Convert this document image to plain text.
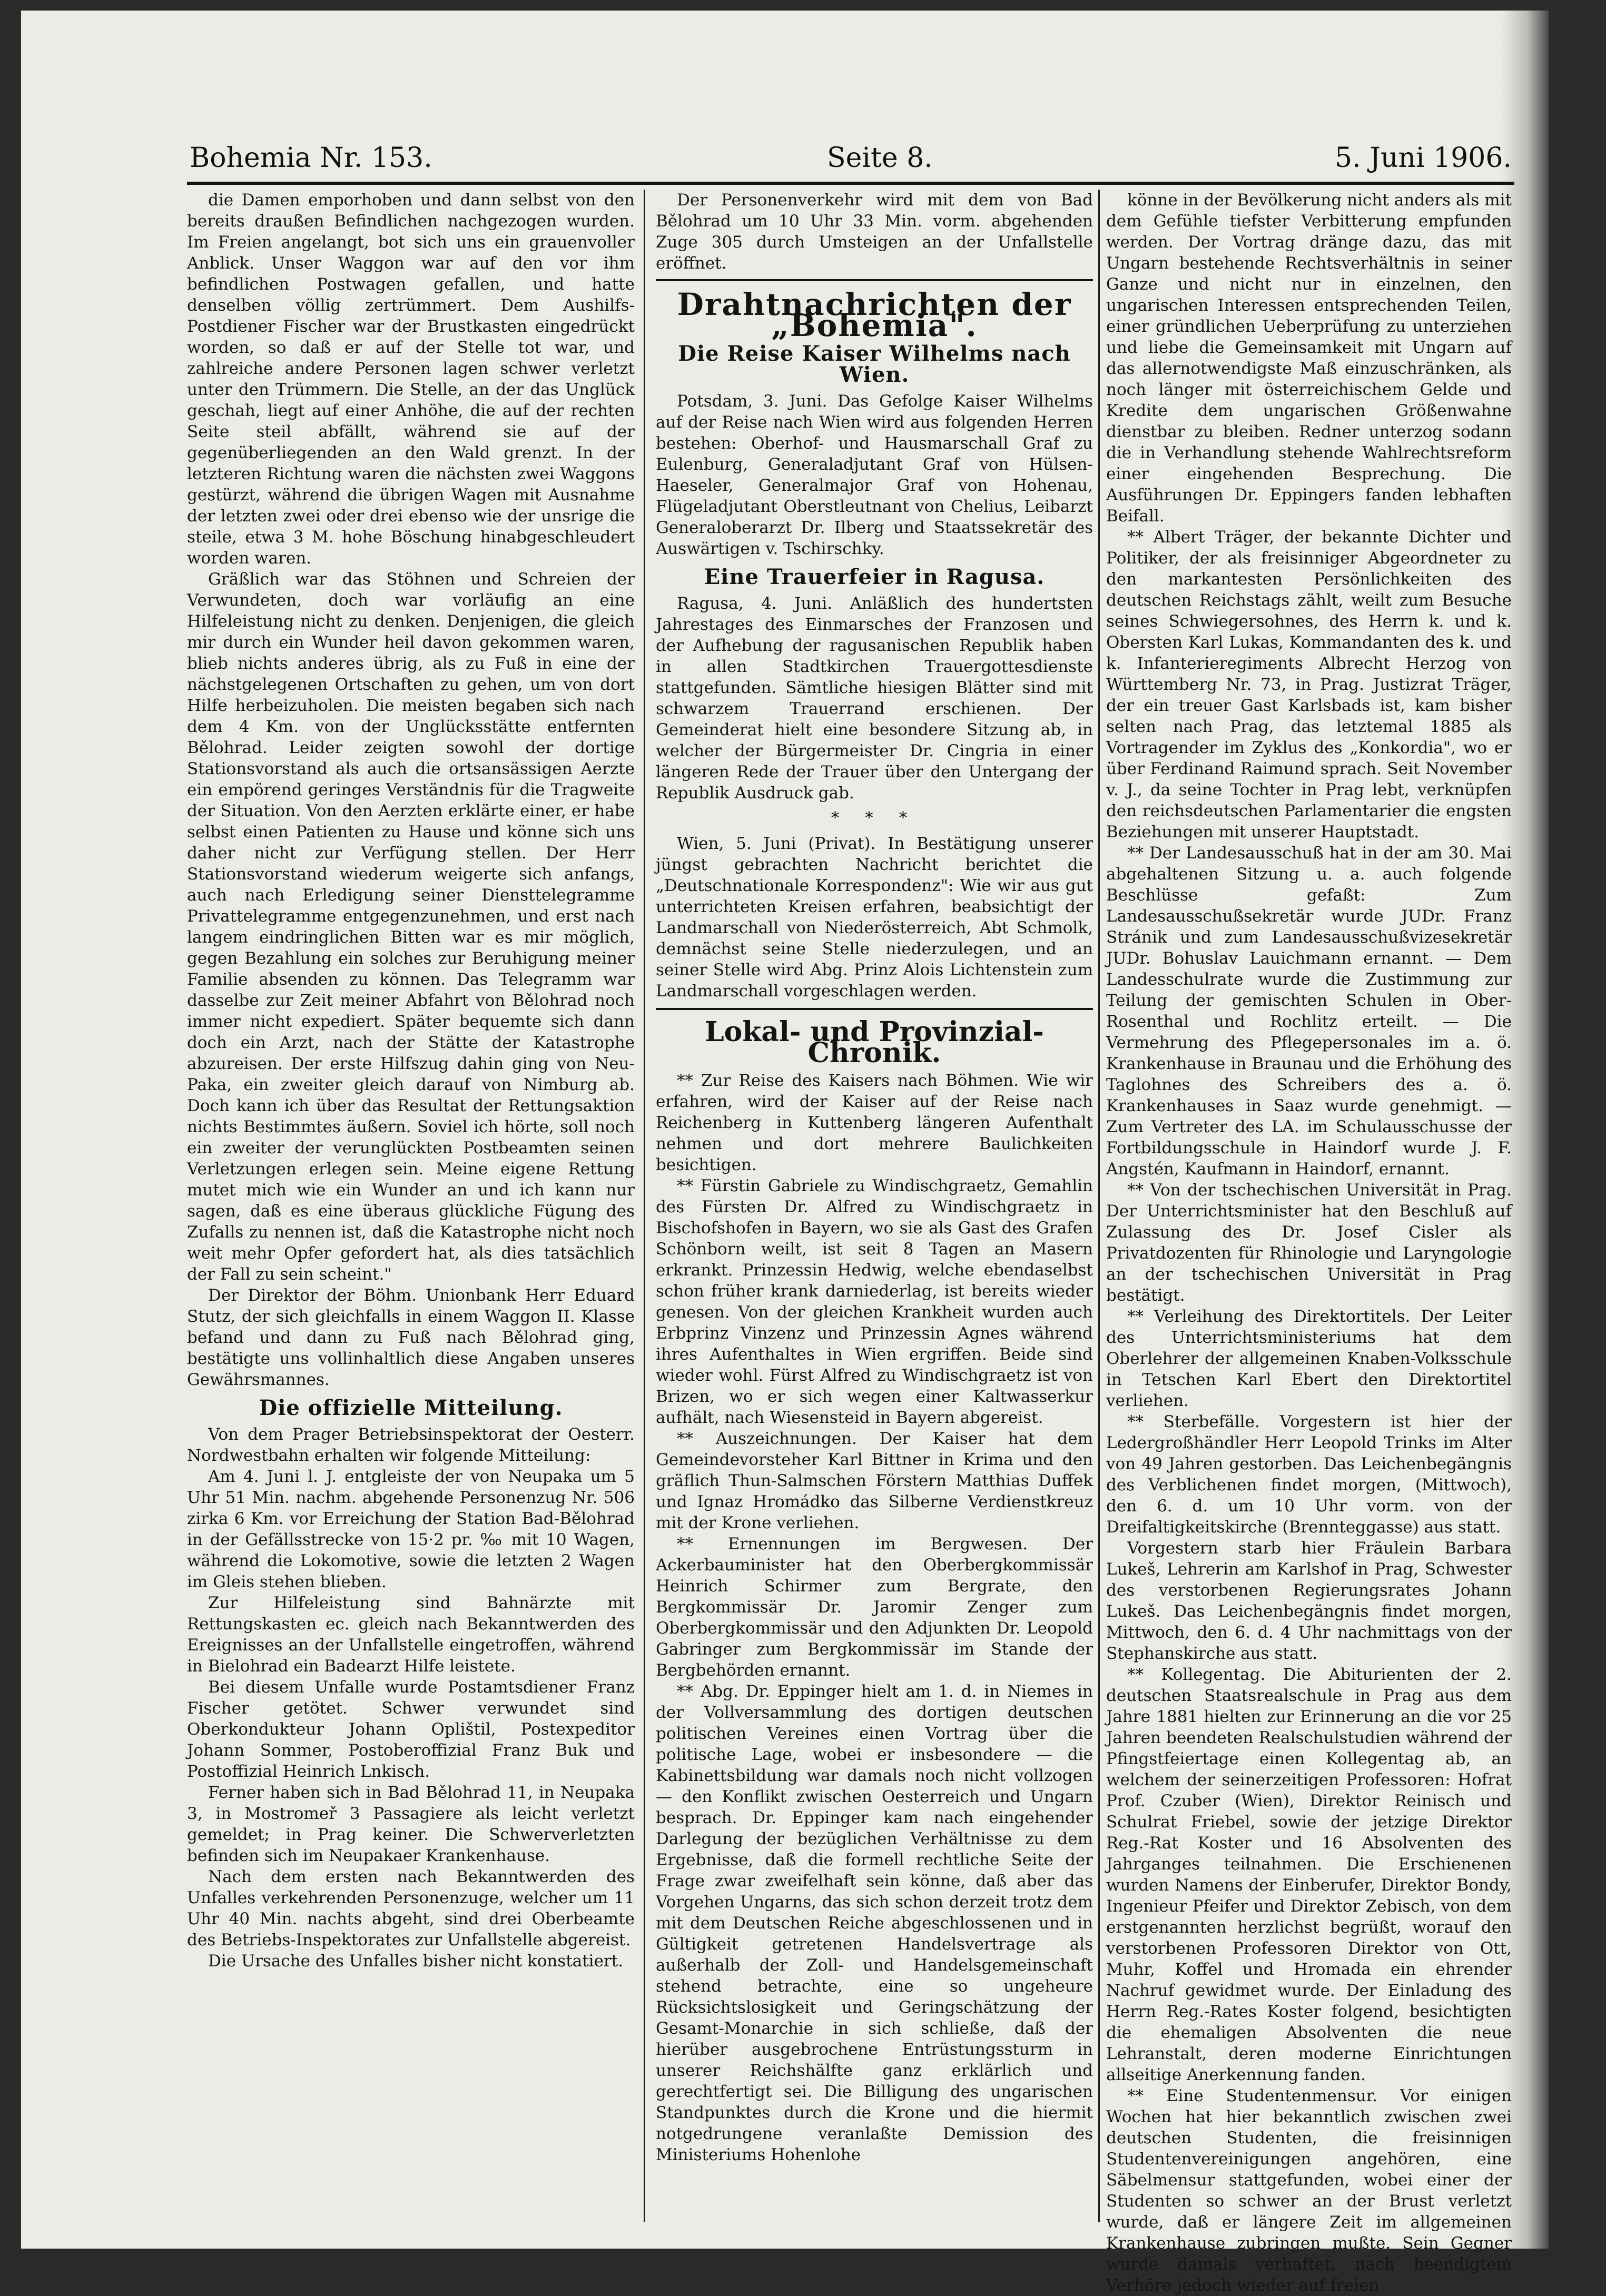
Bohemia Nr. 153.	Seite 8.	5. Juni 1906.

die Damen emporhoben und dann selbst von den bereits draußen Befindlichen nachgezogen wurden. Im Freien angelangt, bot sich uns ein grauenvoller Anblick. Unser Waggon war auf den vor ihm befindlichen Postwagen gefallen, und hatte denselben völlig zertrümmert. Dem Aushilfs-Postdiener Fischer war der Brustkasten eingedrückt worden, so daß er auf der Stelle tot war, und zahlreiche andere Personen lagen schwer verletzt unter den Trümmern. Die Stelle, an der das Unglück geschah, liegt auf einer Anhöhe, die auf der rechten Seite steil abfällt, während sie auf der gegenüberliegenden an den Wald grenzt. In der letzteren Richtung waren die nächsten zwei Waggons gestürzt, während die übrigen Wagen mit Ausnahme der letzten zwei oder drei ebenso wie der unsrige die steile, etwa 3 M. hohe Böschung hinabgeschleudert worden waren.

Gräßlich war das Stöhnen und Schreien der Verwundeten, doch war vorläufig an eine Hilfeleistung nicht zu denken. Denjenigen, die gleich mir durch ein Wunder heil davon gekommen waren, blieb nichts anderes übrig, als zu Fuß in eine der nächstgelegenen Ortschaften zu gehen, um von dort Hilfe herbeizuholen. Die meisten begaben sich nach dem 4 Km. von der Unglücksstätte entfernten Bělohrad. Leider zeigten sowohl der dortige Stationsvorstand als auch die ortsansässigen Aerzte ein empörend geringes Verständnis für die Tragweite der Situation. Von den Aerzten erklärte einer, er habe selbst einen Patienten zu Hause und könne sich uns daher nicht zur Verfügung stellen. Der Herr Stationsvorstand wiederum weigerte sich anfangs, auch nach Erledigung seiner Diensttelegramme Privattelegramme entgegenzunehmen, und erst nach langem eindringlichen Bitten war es mir möglich, gegen Bezahlung ein solches zur Beruhigung meiner Familie absenden zu können. Das Telegramm war dasselbe zur Zeit meiner Abfahrt von Bělohrad noch immer nicht expediert. Später bequemte sich dann doch ein Arzt, nach der Stätte der Katastrophe abzureisen. Der erste Hilfszug dahin ging von Neu-Paka, ein zweiter gleich darauf von Nimburg ab. Doch kann ich über das Resultat der Rettungsaktion nichts Bestimmtes äußern. Soviel ich hörte, soll noch ein zweiter der verunglückten Postbeamten seinen Verletzungen erlegen sein. Meine eigene Rettung mutet mich wie ein Wunder an und ich kann nur sagen, daß es eine überaus glückliche Fügung des Zufalls zu nennen ist, daß die Katastrophe nicht noch weit mehr Opfer gefordert hat, als dies tatsächlich der Fall zu sein scheint."

Der Direktor der Böhm. Unionbank Herr Eduard Stutz, der sich gleichfalls in einem Waggon II. Klasse befand und dann zu Fuß nach Bělohrad ging, bestätigte uns vollinhaltlich diese Angaben unseres Gewährsmannes.

Die offizielle Mitteilung.

Von dem Prager Betriebsinspektorat der Oesterr. Nordwestbahn erhalten wir folgende Mitteilung:

Am 4. Juni l. J. entgleiste der von Neupaka um 5 Uhr 51 Min. nachm. abgehende Personenzug Nr. 506 zirka 6 Km. vor Erreichung der Station Bad-Bělohrad in der Gefällsstrecke von 15·2 pr. ‰ mit 10 Wagen, während die Lokomotive, sowie die letzten 2 Wagen im Gleis stehen blieben.

Zur Hilfeleistung sind Bahnärzte mit Rettungskasten ec. gleich nach Bekanntwerden des Ereignisses an der Unfallstelle eingetroffen, während in Bielohrad ein Badearzt Hilfe leistete.

Bei diesem Unfalle wurde Postamtsdiener Franz Fischer getötet. Schwer verwundet sind Oberkondukteur Johann Oplištil, Postexpeditor Johann Sommer, Postoberoffizial Franz Buk und Postoffizial Heinrich Lnkisch.

Ferner haben sich in Bad Bělohrad 11, in Neupaka 3, in Mostromeř 3 Passagiere als leicht verletzt gemeldet; in Prag keiner. Die Schwerverletzten befinden sich im Neupakaer Krankenhause.

Nach dem ersten nach Bekanntwerden des Unfalles verkehrenden Personenzuge, welcher um 11 Uhr 40 Min. nachts abgeht, sind drei Oberbeamte des Betriebs-Inspektorates zur Unfallstelle abgereist.

Die Ursache des Unfalles bisher nicht konstatiert.

Der Personenverkehr wird mit dem von Bad Bělohrad um 10 Uhr 33 Min. vorm. abgehenden Zuge 305 durch Umsteigen an der Unfallstelle eröffnet.

Drahtnachrichten der „Bohemia".
Die Reise Kaiser Wilhelms nach Wien.

Potsdam, 3. Juni. Das Gefolge Kaiser Wilhelms auf der Reise nach Wien wird aus folgenden Herren bestehen: Oberhof- und Hausmarschall Graf zu Eulenburg, Generaladjutant Graf von Hülsen-Haeseler, Generalmajor Graf von Hohenau, Flügeladjutant Oberstleutnant von Chelius, Leibarzt Generaloberarzt Dr. Ilberg und Staatssekretär des Auswärtigen v. Tschirschky.

Eine Trauerfeier in Ragusa.

Ragusa, 4. Juni. Anläßlich des hundertsten Jahrestages des Einmarsches der Franzosen und der Aufhebung der ragusanischen Republik haben in allen Stadtkirchen Trauergottesdienste stattgefunden. Sämtliche hiesigen Blätter sind mit schwarzem Trauerrand erschienen. Der Gemeinderat hielt eine besondere Sitzung ab, in welcher der Bürgermeister Dr. Cingria in einer längeren Rede der Trauer über den Untergang der Republik Ausdruck gab.

* * *

Wien, 5. Juni (Privat). In Bestätigung unserer jüngst gebrachten Nachricht berichtet die „Deutschnationale Korrespondenz": Wie wir aus gut unterrichteten Kreisen erfahren, beabsichtigt der Landmarschall von Niederösterreich, Abt Schmolk, demnächst seine Stelle niederzulegen, und an seiner Stelle wird Abg. Prinz Alois Lichtenstein zum Landmarschall vorgeschlagen werden.

Lokal- und Provinzial-Chronik.

** Zur Reise des Kaisers nach Böhmen. Wie wir erfahren, wird der Kaiser auf der Reise nach Reichenberg in Kuttenberg längeren Aufenthalt nehmen und dort mehrere Baulichkeiten besichtigen.

** Fürstin Gabriele zu Windischgraetz, Gemahlin des Fürsten Dr. Alfred zu Windischgraetz in Bischofshofen in Bayern, wo sie als Gast des Grafen Schönborn weilt, ist seit 8 Tagen an Masern erkrankt. Prinzessin Hedwig, welche ebendaselbst schon früher krank darniederlag, ist bereits wieder genesen. Von der gleichen Krankheit wurden auch Erbprinz Vinzenz und Prinzessin Agnes während ihres Aufenthaltes in Wien ergriffen. Beide sind wieder wohl. Fürst Alfred zu Windischgraetz ist von Brizen, wo er sich wegen einer Kaltwasserkur aufhält, nach Wiesensteid in Bayern abgereist.

** Auszeichnungen. Der Kaiser hat dem Gemeindevorsteher Karl Bittner in Krima und den gräflich Thun-Salmschen Förstern Matthias Duffek und Ignaz Hromádko das Silberne Verdienstkreuz mit der Krone verliehen.

** Ernennungen im Bergwesen. Der Ackerbauminister hat den Oberbergkommissär Heinrich Schirmer zum Bergrate, den Bergkommissär Dr. Jaromir Zenger zum Oberbergkommissär und den Adjunkten Dr. Leopold Gabringer zum Bergkommissär im Stande der Bergbehörden ernannt.

** Abg. Dr. Eppinger hielt am 1. d. in Niemes in der Vollversammlung des dortigen deutschen politischen Vereines einen Vortrag über die politische Lage, wobei er insbesondere — die Kabinettsbildung war damals noch nicht vollzogen — den Konflikt zwischen Oesterreich und Ungarn besprach. Dr. Eppinger kam nach eingehender Darlegung der bezüglichen Verhältnisse zu dem Ergebnisse, daß die formell rechtliche Seite der Frage zwar zweifelhaft sein könne, daß aber das Vorgehen Ungarns, das sich schon derzeit trotz dem mit dem Deutschen Reiche abgeschlossenen und in Gültigkeit getretenen Handelsvertrage als außerhalb der Zoll- und Handelsgemeinschaft stehend betrachte, eine so ungeheure Rücksichtslosigkeit und Geringschätzung der Gesamt-Monarchie in sich schließe, daß der hierüber ausgebrochene Entrüstungssturm in unserer Reichshälfte ganz erklärlich und gerechtfertigt sei. Die Billigung des ungarischen Standpunktes durch die Krone und die hiermit notgedrungene veranlaßte Demission des Ministeriums Hohenlohe

könne in der Bevölkerung nicht anders als mit dem Gefühle tiefster Verbitterung empfunden werden. Der Vortrag dränge dazu, das mit Ungarn bestehende Rechtsverhältnis in seiner Ganze und nicht nur in einzelnen, den ungarischen Interessen entsprechenden Teilen, einer gründlichen Ueberprüfung zu unterziehen und liebe die Gemeinsamkeit mit Ungarn auf das allernotwendigste Maß einzuschränken, als noch länger mit österreichischem Gelde und Kredite dem ungarischen Größenwahne dienstbar zu bleiben. Redner unterzog sodann die in Verhandlung stehende Wahlrechtsreform einer eingehenden Besprechung. Die Ausführungen Dr. Eppingers fanden lebhaften Beifall.

** Albert Träger, der bekannte Dichter und Politiker, der als freisinniger Abgeordneter zu den markantesten Persönlichkeiten des deutschen Reichstags zählt, weilt zum Besuche seines Schwiegersohnes, des Herrn k. und k. Obersten Karl Lukas, Kommandanten des k. und k. Infanterieregiments Albrecht Herzog von Württemberg Nr. 73, in Prag. Justizrat Träger, der ein treuer Gast Karlsbads ist, kam bisher selten nach Prag, das letztemal 1885 als Vortragender im Zyklus des „Konkordia", wo er über Ferdinand Raimund sprach. Seit November v. J., da seine Tochter in Prag lebt, verknüpfen den reichsdeutschen Parlamentarier die engsten Beziehungen mit unserer Hauptstadt.

** Der Landesausschuß hat in der am 30. Mai abgehaltenen Sitzung u. a. auch folgende Beschlüsse gefaßt: Zum Landesausschußsekretär wurde JUDr. Franz Stránik und zum Landesausschußvizesekretär JUDr. Bohuslav Lauichmann ernannt. — Dem Landesschulrate wurde die Zustimmung zur Teilung der gemischten Schulen in Ober-Rosenthal und Rochlitz erteilt. — Die Vermehrung des Pflegepersonales im a. ö. Krankenhause in Braunau und die Erhöhung des Taglohnes des Schreibers des a. ö. Krankenhauses in Saaz wurde genehmigt. — Zum Vertreter des LA. im Schulausschusse der Fortbildungsschule in Haindorf wurde J. F. Angstén, Kaufmann in Haindorf, ernannt.

** Von der tschechischen Universität in Prag. Der Unterrichtsminister hat den Beschluß auf Zulassung des Dr. Josef Cisler als Privatdozenten für Rhinologie und Laryngologie an der tschechischen Universität in Prag bestätigt.

** Verleihung des Direktortitels. Der Leiter des Unterrichtsministeriums hat dem Oberlehrer der allgemeinen Knaben-Volksschule in Tetschen Karl Ebert den Direktortitel verliehen.

** Sterbefälle. Vorgestern ist hier der Ledergroßhändler Herr Leopold Trinks im Alter von 49 Jahren gestorben. Das Leichenbegängnis des Verblichenen findet morgen, (Mittwoch), den 6. d. um 10 Uhr vorm. von der Dreifaltigkeitskirche (Brennteggasse) aus statt.

Vorgestern starb hier Fräulein Barbara Lukeš, Lehrerin am Karlshof in Prag, Schwester des verstorbenen Regierungsrates Johann Lukeš. Das Leichenbegängnis findet morgen, Mittwoch, den 6. d. 4 Uhr nachmittags von der Stephanskirche aus statt.

** Kollegentag. Die Abiturienten der 2. deutschen Staatsrealschule in Prag aus dem Jahre 1881 hielten zur Erinnerung an die vor 25 Jahren beendeten Realschulstudien während der Pfingstfeiertage einen Kollegentag ab, an welchem der seinerzeitigen Professoren: Hofrat Prof. Czuber (Wien), Direktor Reinisch und Schulrat Friebel, sowie der jetzige Direktor Reg.-Rat Koster und 16 Absolventen des Jahrganges teilnahmen. Die Erschienenen wurden Namens der Einberufer, Direktor Bondy, Ingenieur Pfeifer und Direktor Zebisch, von dem erstgenannten herzlichst begrüßt, worauf den verstorbenen Professoren Direktor von Ott, Muhr, Koffel und Hromada ein ehrender Nachruf gewidmet wurde. Der Einladung des Herrn Reg.-Rates Koster folgend, besichtigten die ehemaligen Absolventen die neue Lehranstalt, deren moderne Einrichtungen allseitige Anerkennung fanden.

** Eine Studentenmensur. Vor einigen Wochen hat hier bekanntlich zwischen zwei deutschen Studenten, die freisinnigen Studentenvereinigungen angehören, eine Säbelmensur stattgefunden, wobei einer der Studenten so schwer an der Brust verletzt wurde, daß er längere Zeit im allgemeinen Krankenhause zubringen mußte. Sein Gegner wurde damals verhaftet, nach beendigtem Verhöre jedoch wieder auf freien
